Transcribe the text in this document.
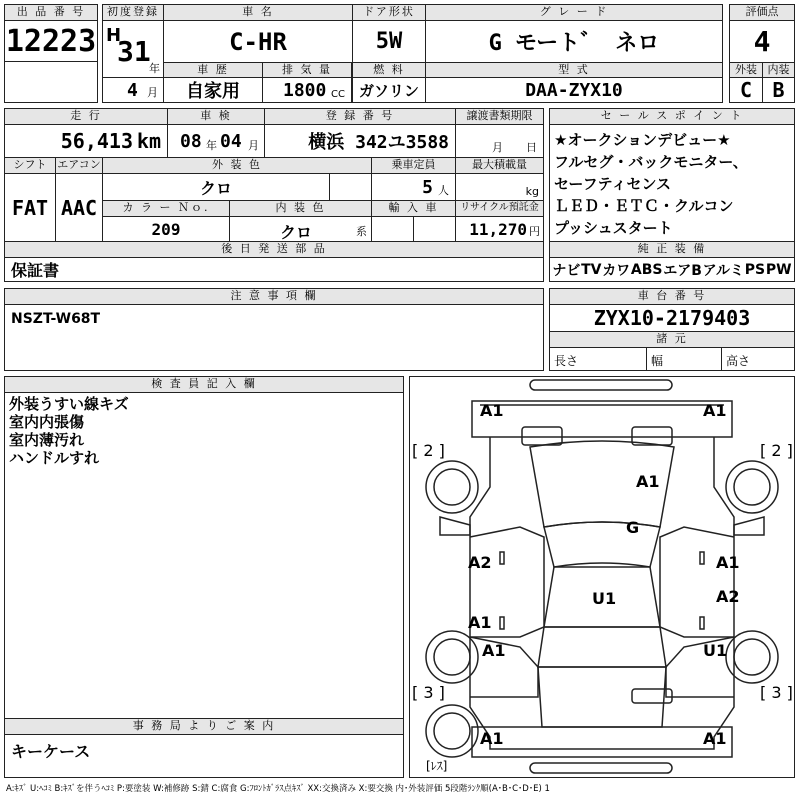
出 品 番 号
12223
初度登録
H
31
年
4 月
車 名
C-HR
ドア形状
5W
グ レ ー ド
G モート゛ ネロ
評価点
4
車 歴
自家用
排 気 量
1800 CC
燃 料
ガソリン
型 式
DAA-ZYX10
外装
C
内装
B
走 行
56,413 km
車 検
08 年 04 月
登 録 番 号
横浜 342ユ3588
譲渡書類期限
月 日
シフト
FAT
エアコン
AAC
外 装 色
クロ
乗車定員
5 人
最大積載量
kg
カ ラ ー Ｎｏ.
209
内 装 色
クロ	系
輸 入 車	リサイクル預託金
11,270 円
後 日 発 送 部 品
保証書
セ ー ル ス ポ イ ン ト
★オークションデビュー★
フルセグ・バックモニター、
セーフティセンス
ＬＥＤ・ＥＴＣ・クルコン
プッシュスタート
純 正 装 備
ナビ TV カワ ABS エアB アルミ PS PW
注 意 事 項 欄
NSZT-W68T
車 台 番 号
ZYX10-2179403
諸 元
長さ	幅	高さ
検 査 員 記 入 欄
外装うすい線キズ
室内内張傷
室内薄汚れ
ハンドルすれ
事 務 局 よ り ご 案 内
キーケース
A1	A1
[ 2 ]	[ 2 ]
A1
G
A2	A1
U1	A2
A1
A1	U1
[ 3 ]	[ 3 ]
A1	A1
[ﾚｽ]
A:ｷｽﾞ U:ﾍｺﾐ B:ｷｽﾞを伴うﾍｺﾐ P:要塗装 W:補修跡 S:錆 C:腐食 G:ﾌﾛﾝﾄｶﾞﾗｽ点ｷｽﾞ XX:交換済み X:要交換 内･外装評価 5段階ﾗﾝｸ順(A･B･C･D･E) 1
